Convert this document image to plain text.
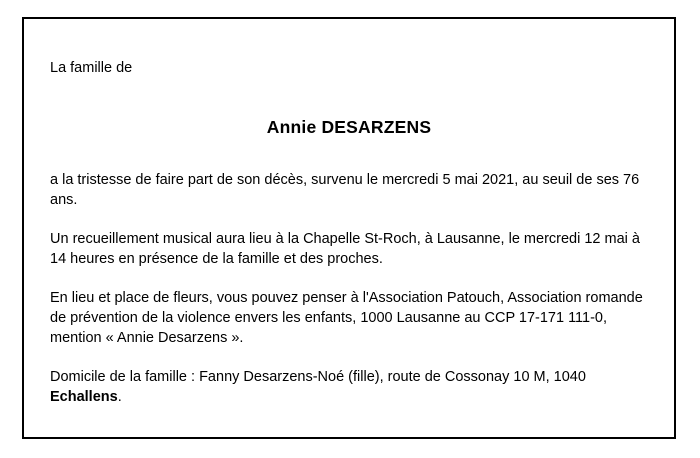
La famille de

Annie DESARZENS

a la tristesse de faire part de son décès, survenu le mercredi 5 mai 2021, au seuil de ses 76 ans.

Un recueillement musical aura lieu à la Chapelle St-Roch, à Lausanne, le mercredi 12 mai à 14 heures en présence de la famille et des proches.

En lieu et place de fleurs, vous pouvez penser à l'Association Patouch, Association romande de prévention de la violence envers les enfants, 1000 Lausanne au CCP 17-171 111-0, mention « Annie Desarzens ».

Domicile de la famille : Fanny Desarzens-Noé (fille), route de Cossonay 10 M, 1040 Echallens.
